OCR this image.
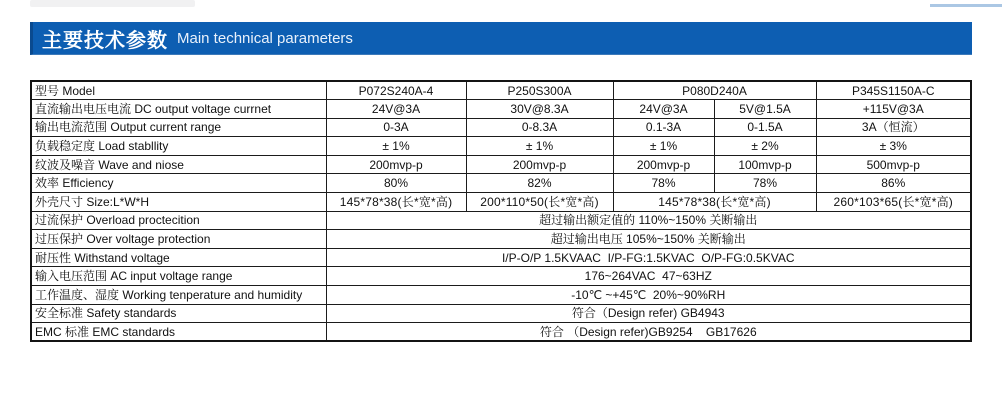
主要技术参数 Main technical parameters
型号 Model	P072S240A-4	P250S300A	P080D240A		P345S1150A-C
直流输出电压电流 DC output voltage currnet	24V@3A	30V@8.3A	24V@3A	5V@1.5A	+115V@3A
输出电流范围 Output current range	0-3A	0-8.3A	0.1-3A	0-1.5A	3A（恒流）
负载稳定度 Load stabllity	± 1%	± 1%	± 1%	± 2%	± 3%
纹波及噪音 Wave and niose	200mvp-p	200mvp-p	200mvp-p	100mvp-p	500mvp-p
效率 Efficiency	80%	82%	78%	78%	86%
外壳尺寸 Size:L*W*H	145*78*38(长*宽*高)	200*110*50(长*宽*高)	145*78*38(长*宽*高)		260*103*65(长*宽*高)
过流保护 Overload proctecition	超过输出额定值的 110%~150% 关断输出				
过压保护 Over voltage protection	超过输出电压 105%~150% 关断输出				
耐压性 Withstand voltage	I/P-O/P 1.5KVAAC  I/P-FG:1.5KVAC  O/P-FG:0.5KVAC				
输入电压范围 AC input voltage range	176~264VAC  47~63HZ				
工作温度、湿度 Working tenperature and humidity	-10℃ ~+45℃  20%~90%RH				
安全标准 Safety standards	符合（Design refer) GB4943				
EMC 标准 EMC standards	符合 （Design refer)GB9254    GB17626				
